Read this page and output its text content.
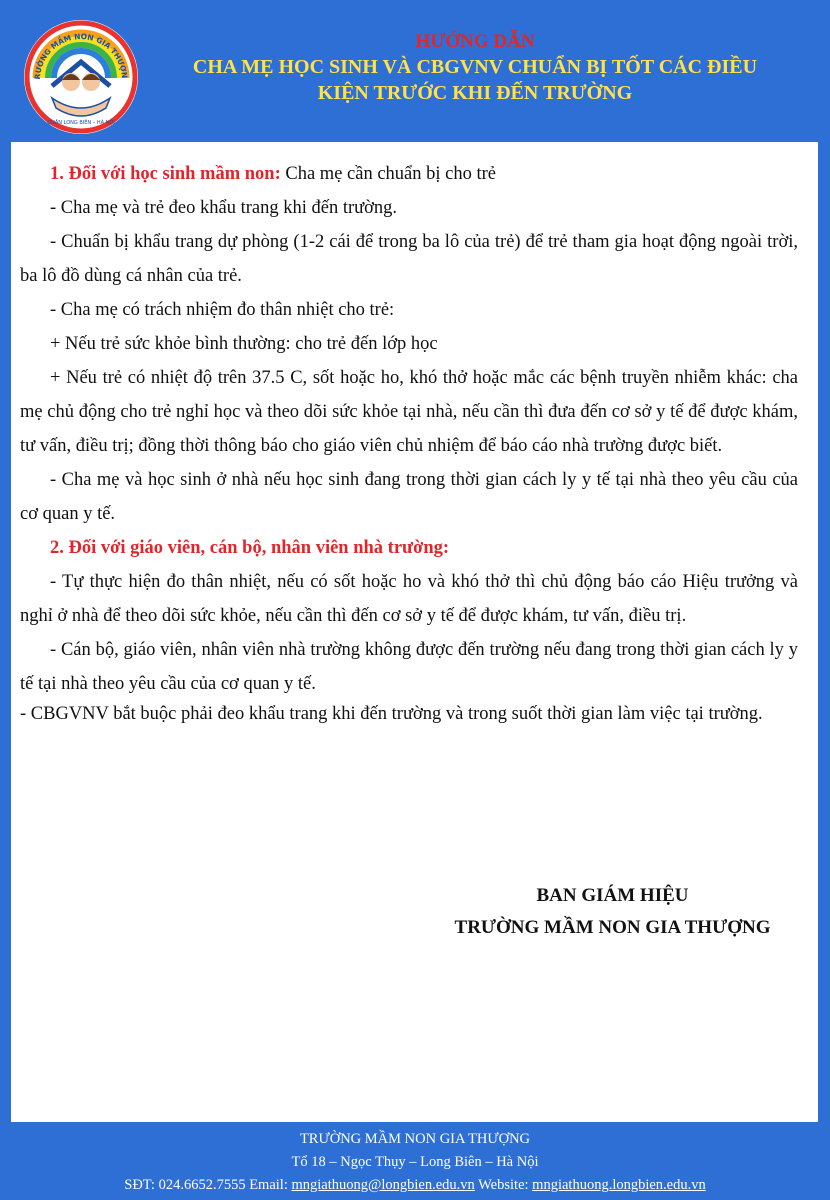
RƯỜNG MẦM NON GIA THƯỢN
QUẬN LONG BIÊN – HÀ NỘI
HƯỚNG DẪN
CHA MẸ HỌC SINH VÀ CBGVNV CHUẨN BỊ TỐT CÁC ĐIỀU
KIỆN TRƯỚC KHI ĐẾN TRƯỜNG

1. Đối với học sinh mầm non: Cha mẹ cần chuẩn bị cho trẻ

- Cha mẹ và trẻ đeo khẩu trang khi đến trường.

- Chuẩn bị khẩu trang dự phòng (1-2 cái để trong ba lô của trẻ) để trẻ tham gia hoạt động ngoài trời, ba lô đồ dùng cá nhân của trẻ.

- Cha mẹ có trách nhiệm đo thân nhiệt cho trẻ:

+ Nếu trẻ sức khỏe bình thường: cho trẻ đến lớp học

+ Nếu trẻ có nhiệt độ trên 37.5 C, sốt hoặc ho, khó thở hoặc mắc các bệnh truyền nhiễm khác: cha mẹ chủ động cho trẻ nghỉ học và theo dõi sức khỏe tại nhà, nếu cần thì đưa đến cơ sở y tế để được khám, tư vấn, điều trị; đồng thời thông báo cho giáo viên chủ nhiệm để báo cáo nhà trường được biết.

- Cha mẹ và học sinh ở nhà nếu học sinh đang trong thời gian cách ly y tế tại nhà theo yêu cầu của cơ quan y tế.

2. Đối với giáo viên, cán bộ, nhân viên nhà trường:

- Tự thực hiện đo thân nhiệt, nếu có sốt hoặc ho và khó thở thì chủ động báo cáo Hiệu trưởng và nghỉ ở nhà để theo dõi sức khỏe, nếu cần thì đến cơ sở y tế để được khám, tư vấn, điều trị.

- Cán bộ, giáo viên, nhân viên nhà trường không được đến trường nếu đang trong thời gian cách ly y tế tại nhà theo yêu cầu của cơ quan y tế.

- CBGVNV bắt buộc phải đeo khẩu trang khi đến trường và trong suốt thời gian làm việc tại trường.

BAN GIÁM HIỆU
TRƯỜNG MẦM NON GIA THƯỢNG
TRƯỜNG MẦM NON GIA THƯỢNG
Tổ 18 – Ngọc Thụy – Long Biên – Hà Nội
SĐT: 024.6652.7555 Email: mngiathuong@longbien.edu.vn Website: mngiathuong.longbien.edu.vn
